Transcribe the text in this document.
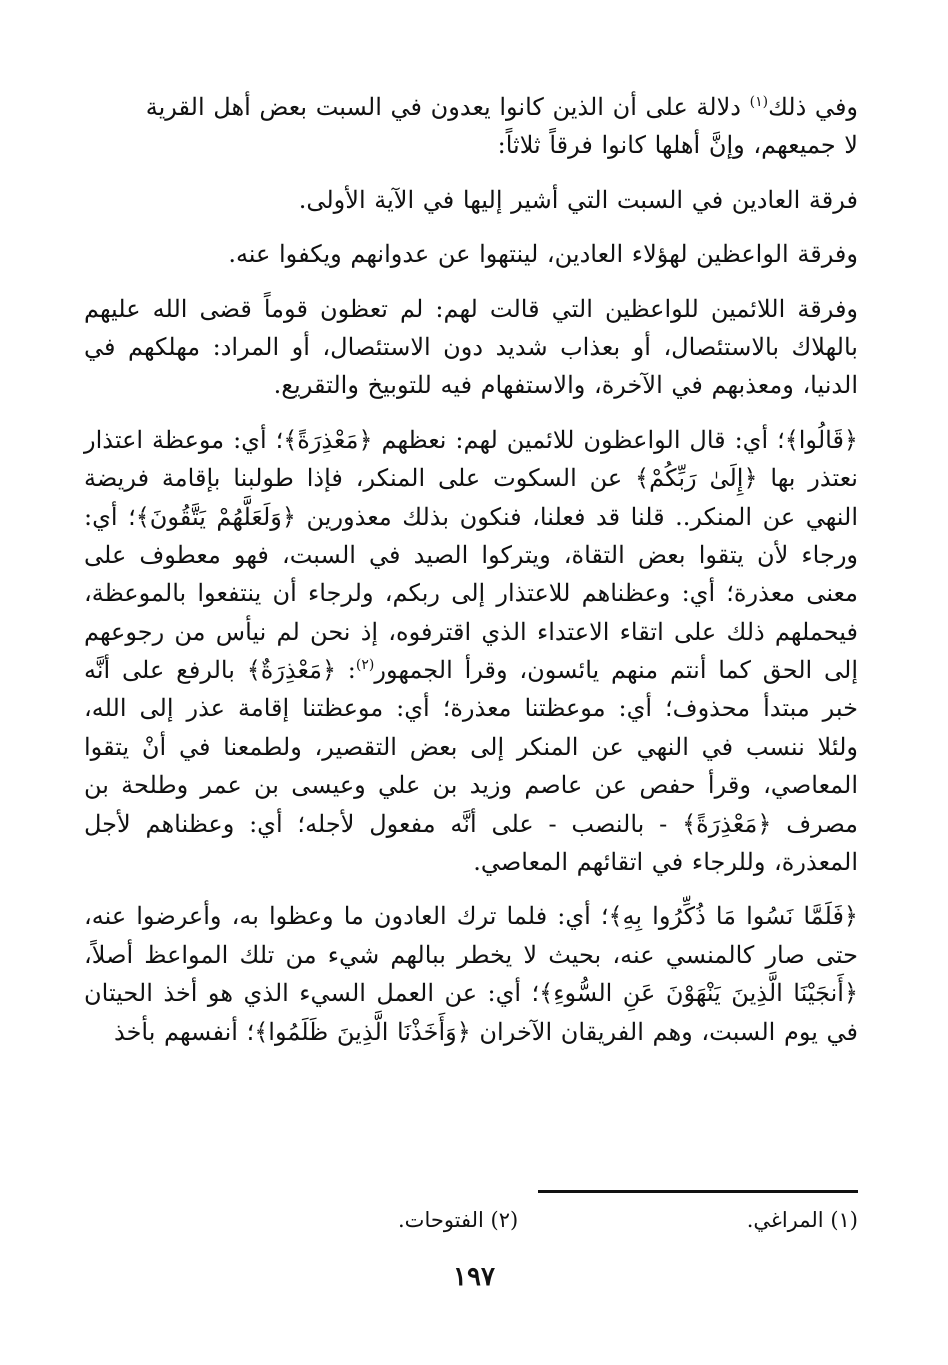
وفي ذلك$^{(١)}$ دلالة على أن الذين كانوا يعدون في السبت بعض أهل القرية
لا جميعهم، وإنَّ أهلها كانوا فرقاً ثلاثاً:

فرقة العادين في السبت التي أشير إليها في الآية الأولى.

وفرقة الواعظين لهؤلاء العادين، لينتهوا عن عدوانهم ويكفوا عنه.

وفرقة اللائمين للواعظين التي قالت لهم: لم تعظون قوماً قضى الله عليهم بالهلاك بالاستئصال، أو بعذاب شديد دون الاستئصال، أو المراد: مهلكهم في الدنيا، ومعذبهم في الآخرة، والاستفهام فيه للتوبيخ والتقريع.

﴿قَالُوا﴾؛ أي: قال الواعظون للائمين لهم: نعظهم ﴿مَعْذِرَةً﴾؛ أي: موعظة اعتذار نعتذر بها ﴿إِلَىٰ رَبِّكُمْ﴾ عن السكوت على المنكر، فإذا طولبنا بإقامة فريضة النهي عن المنكر.. قلنا قد فعلنا، فنكون بذلك معذورين ﴿وَلَعَلَّهُمْ يَتَّقُونَ﴾؛ أي: ورجاء لأن يتقوا بعض التقاة، ويتركوا الصيد في السبت، فهو معطوف على معنى معذرة؛ أي: وعظناهم للاعتذار إلى ربكم، ولرجاء أن ينتفعوا بالموعظة، فيحملهم ذلك على اتقاء الاعتداء الذي اقترفوه، إذ نحن لم نيأس من رجوعهم إلى الحق كما أنتم منهم يائسون، وقرأ الجمهور$^{(٢)}$: ﴿مَعْذِرَةٌ﴾ بالرفع على أنَّه خبر مبتدأ محذوف؛ أي: موعظتنا معذرة؛ أي: موعظتنا إقامة عذر إلى الله، ولئلا ننسب في النهي عن المنكر إلى بعض التقصير، ولطمعنا في أنْ يتقوا المعاصي، وقرأ حفص عن عاصم وزيد بن علي وعيسى بن عمر وطلحة بن مصرف ﴿مَعْذِرَةً﴾ - بالنصب - على أنَّه مفعول لأجله؛ أي: وعظناهم لأجل المعذرة، وللرجاء في اتقائهم المعاصي.

﴿فَلَمَّا نَسُوا مَا ذُكِّرُوا بِهِ﴾؛ أي: فلما ترك العادون ما وعظوا به، وأعرضوا عنه، حتى صار كالمنسي عنه، بحيث لا يخطر ببالهم شيء من تلك المواعظ أصلاً، ﴿أَنجَيْنَا الَّذِينَ يَنْهَوْنَ عَنِ السُّوءِ﴾؛ أي: عن العمل السيء الذي هو أخذ الحيتان في يوم السبت، وهم الفريقان الآخران ﴿وَأَخَذْنَا الَّذِينَ ظَلَمُوا﴾؛ أنفسهم بأخذ

(١) المراغي.
(٢) الفتوحات.
١٩٧
